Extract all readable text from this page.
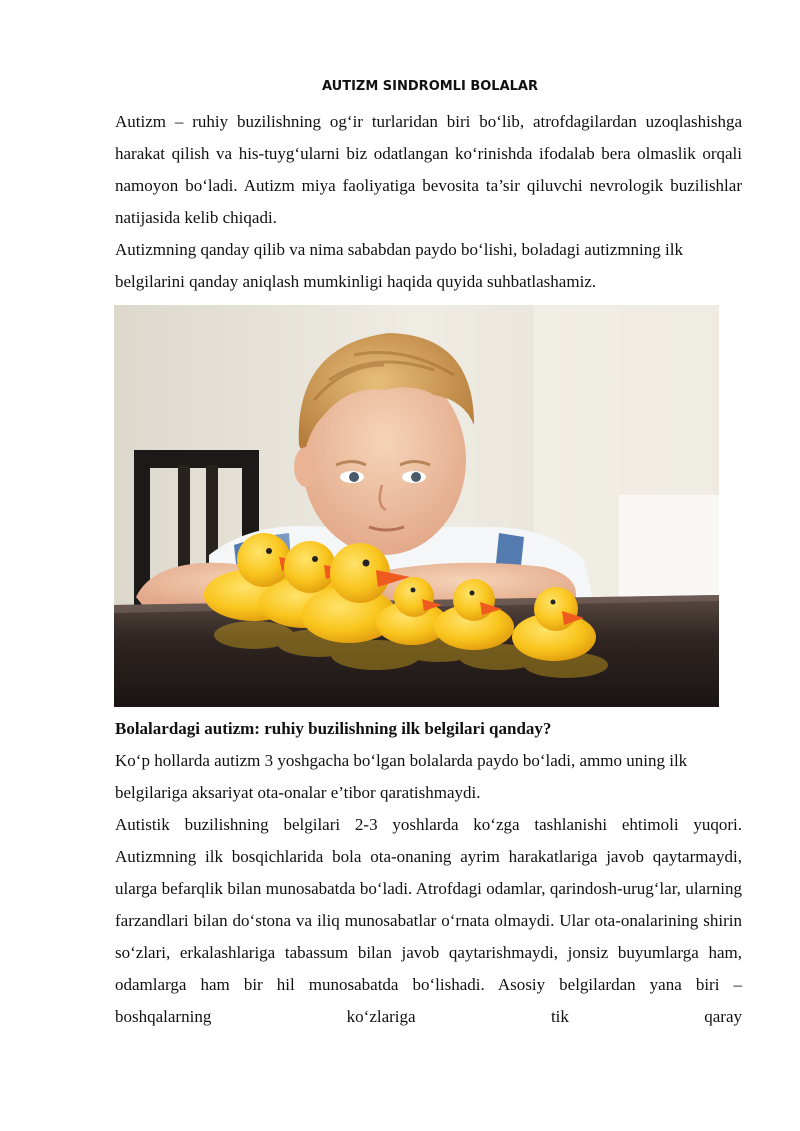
AUTIZM SINDROMLI BOLALAR

Autizm – ruhiy buzilishning og‘ir turlaridan biri bo‘lib, atrofdagilardan uzoqlashishga harakat qilish va his-tuyg‘ularni biz odatlangan ko‘rinishda ifodalab bera olmaslik orqali namoyon bo‘ladi. Autizm miya faoliyatiga bevosita ta’sir qiluvchi nevrologik buzilishlar natijasida kelib chiqadi.

Autizmning qanday qilib va nima sababdan paydo bo‘lishi, boladagi autizmning ilk belgilarini qanday aniqlash mumkinligi haqida quyida suhbatlashamiz.

Bolalardagi autizm: ruhiy buzilishning ilk belgilari qanday?

Ko‘p hollarda autizm 3 yoshgacha bo‘lgan bolalarda paydo bo‘ladi, ammo uning ilk belgilariga aksariyat ota-onalar e’tibor qaratishmaydi.

Autistik buzilishning belgilari 2-3 yoshlarda ko‘zga tashlanishi ehtimoli yuqori. Autizmning ilk bosqichlarida bola ota-onaning ayrim harakatlariga javob qaytarmaydi, ularga befarqlik bilan munosabatda bo‘ladi. Atrofdagi odamlar, qarindosh-urug‘lar, ularning farzandlari bilan do‘stona va iliq munosabatlar o‘rnata olmaydi. Ular ota-onalarining shirin so‘zlari, erkalashlariga tabassum bilan javob qaytarishmaydi, jonsiz buyumlarga ham, odamlarga ham bir hil munosabatda bo‘lishadi. Asosiy belgilardan yana biri – boshqalarning ko‘zlariga tik qaray
